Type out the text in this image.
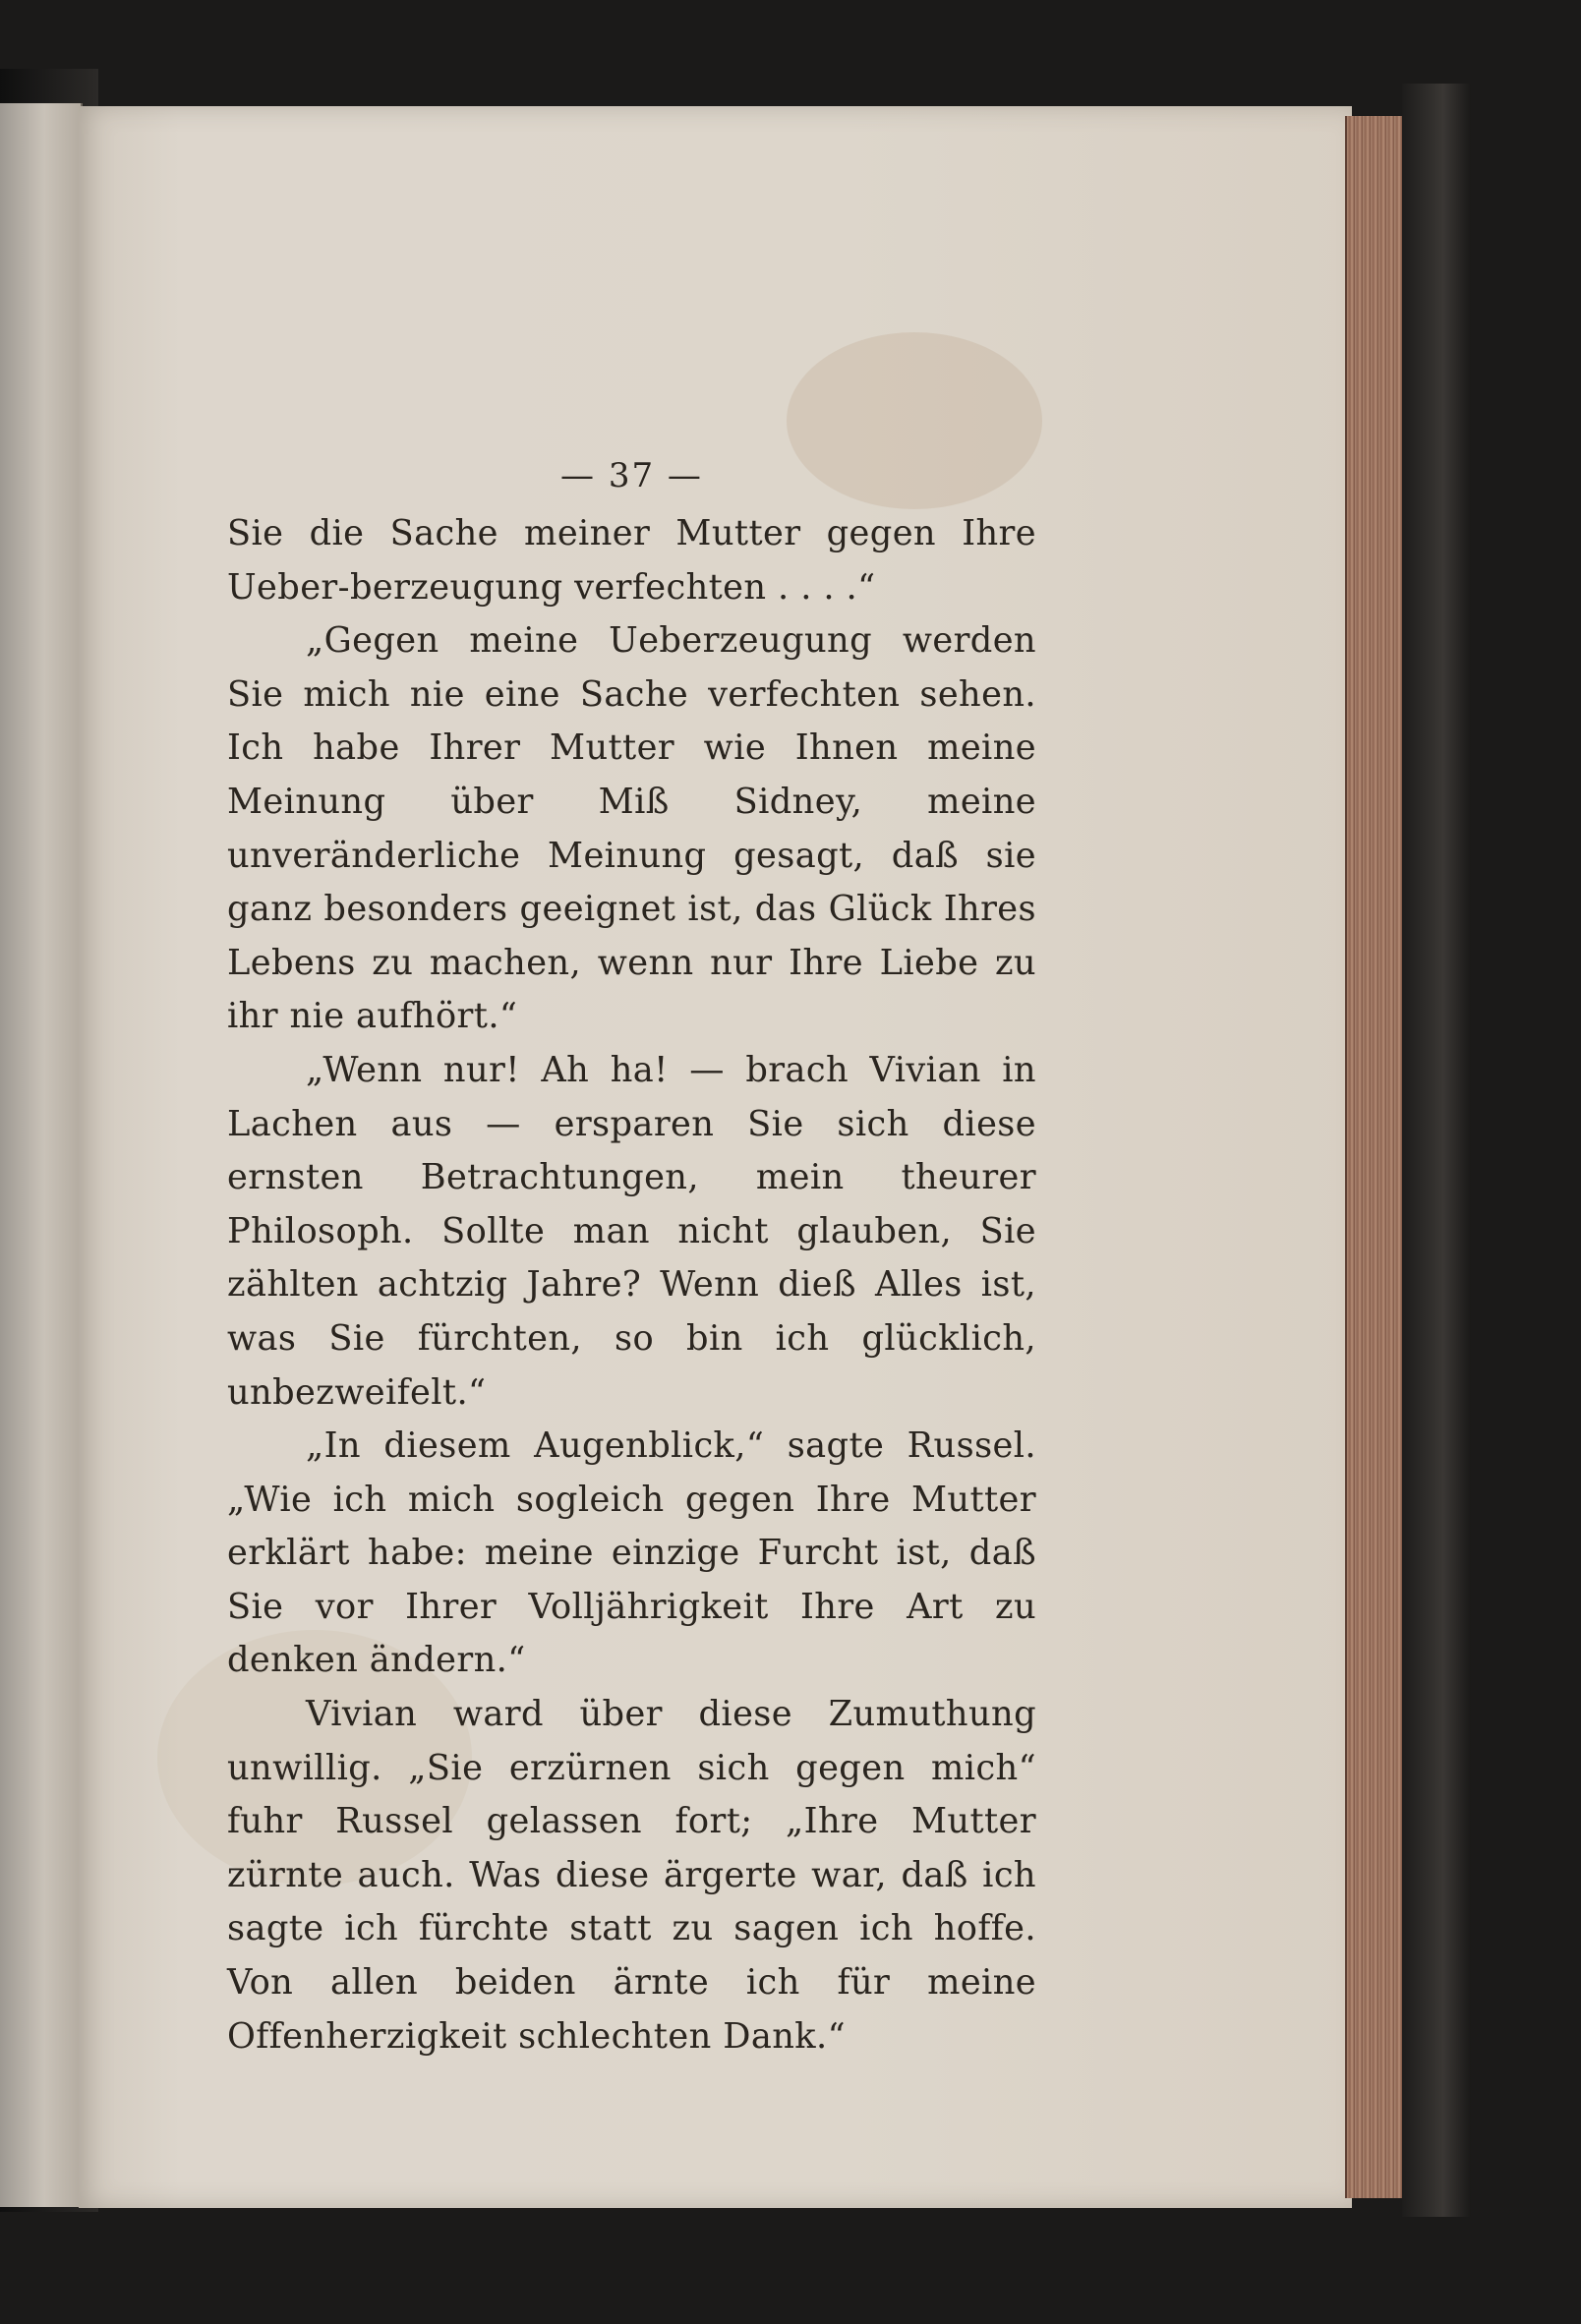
— 37 —

Sie die Sache meiner Mutter gegen Ihre Ueber-berzeugung verfechten . . . .“

„Gegen meine Ueberzeugung werden Sie mich nie eine Sache verfechten sehen. Ich habe Ihrer Mutter wie Ihnen meine Meinung über Miß Sidney, meine unveränderliche Meinung gesagt, daß sie ganz besonders geeignet ist, das Glück Ihres Lebens zu machen, wenn nur Ihre Liebe zu ihr nie aufhört.“

„Wenn nur! Ah ha! — brach Vivian in Lachen aus — ersparen Sie sich diese ernsten Betrachtungen, mein theurer Philosoph. Sollte man nicht glauben, Sie zählten achtzig Jahre? Wenn dieß Alles ist, was Sie fürchten, so bin ich glücklich, unbezweifelt.“

„In diesem Augenblick,“ sagte Russel. „Wie ich mich sogleich gegen Ihre Mutter erklärt habe: meine einzige Furcht ist, daß Sie vor Ihrer Volljährigkeit Ihre Art zu denken ändern.“

Vivian ward über diese Zumuthung unwillig. „Sie erzürnen sich gegen mich“ fuhr Russel gelassen fort; „Ihre Mutter zürnte auch. Was diese ärgerte war, daß ich sagte ich fürchte statt zu sagen ich hoffe. Von allen beiden ärnte ich für meine Offenherzigkeit schlechten Dank.“
